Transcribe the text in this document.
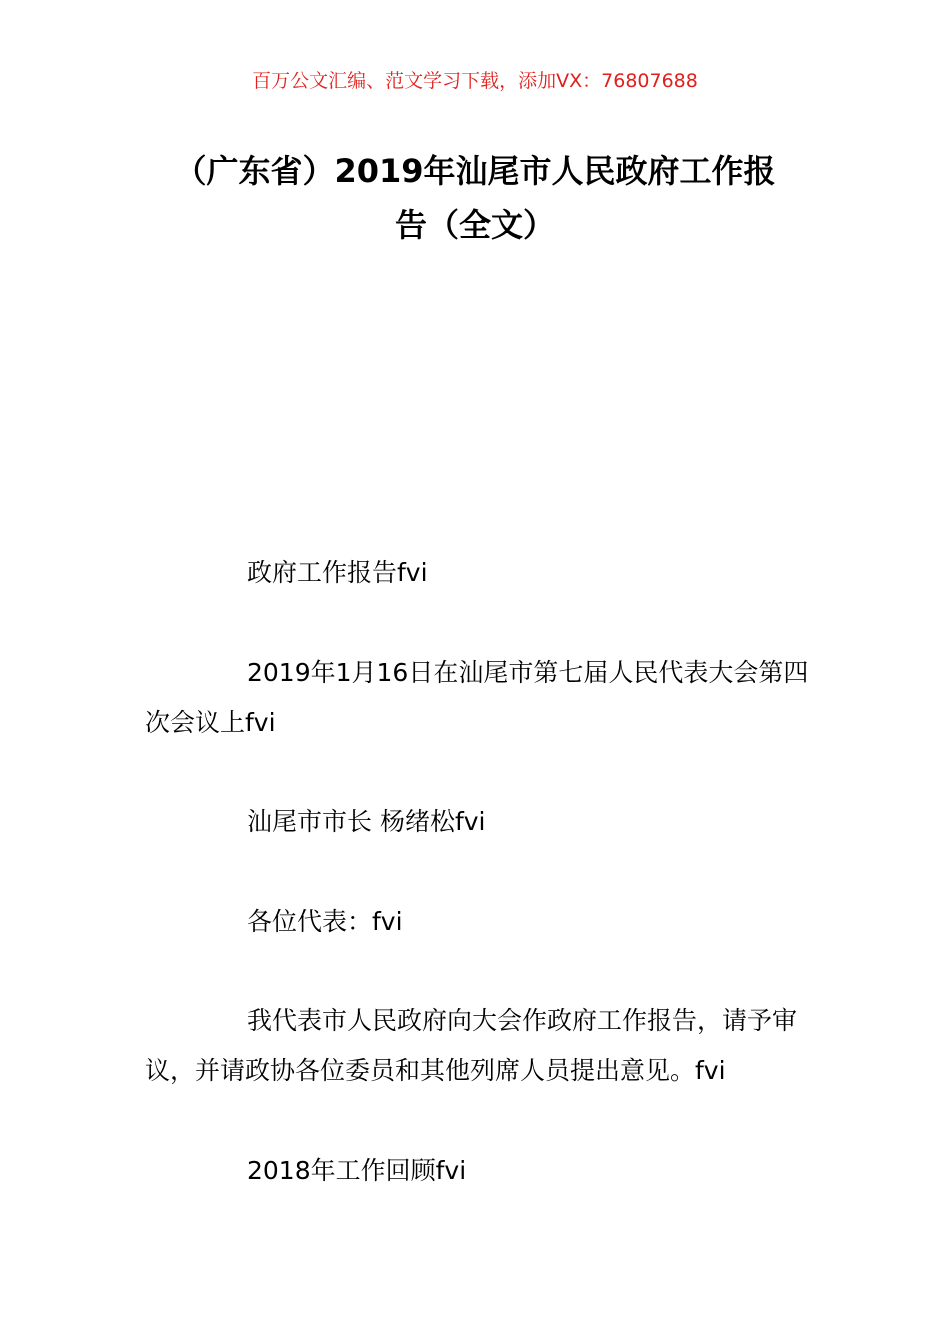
百万公文汇编、范文学习下载，添加VX：76807688
（广东省）2019年汕尾市人民政府工作报
告（全文）

政府工作报告fvi

2019年1月16日在汕尾市第七届人民代表大会第四次会议上fvi

汕尾市市长 杨绪松fvi

各位代表：fvi

我代表市人民政府向大会作政府工作报告，请予审议，并请政协各位委员和其他列席人员提出意见。fvi

2018年工作回顾fvi
